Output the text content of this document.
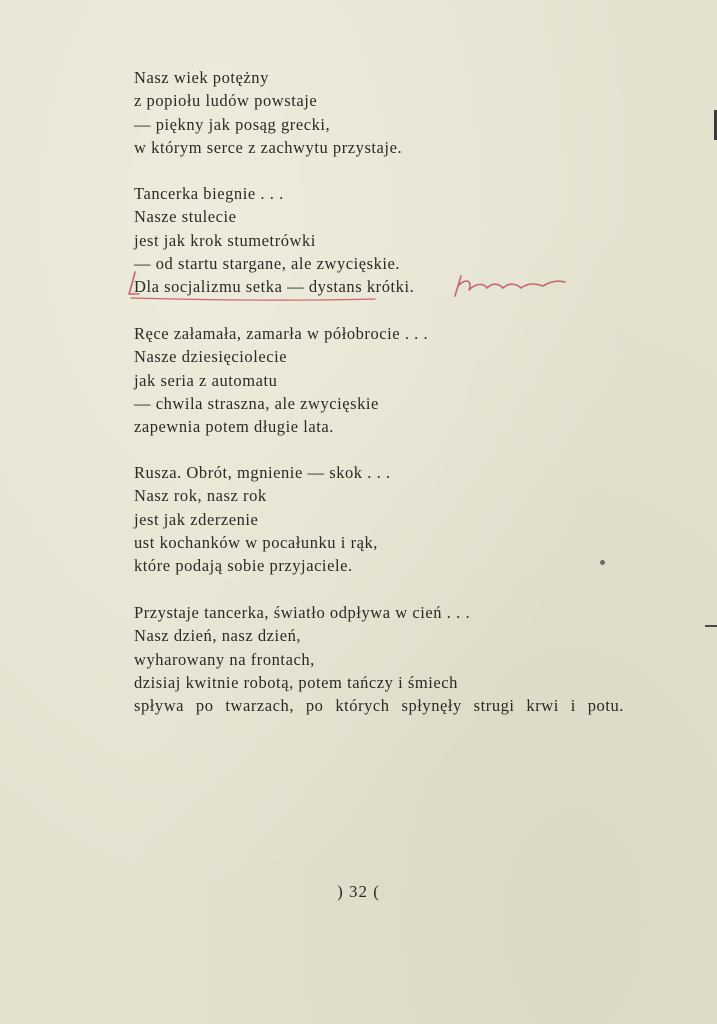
Nasz wiek potężny
z popiołu ludów powstaje
— piękny jak posąg grecki,
w którym serce z zachwytu przystaje.
Tancerka biegnie . . .
Nasze stulecie
jest jak krok stumetrówki
— od startu stargane, ale zwycięskie.
Dla socjalizmu setka — dystans krótki.
Ręce załamała, zamarła w półobrocie . . .
Nasze dziesięciolecie
jak seria z automatu
— chwila straszna, ale zwycięskie
zapewnia potem długie lata.
Rusza. Obrót, mgnienie — skok . . .
Nasz rok, nasz rok
jest jak zderzenie
ust kochanków w pocałunku i rąk,
które podają sobie przyjaciele.
Przystaje tancerka, światło odpływa w cień . . .
Nasz dzień, nasz dzień,
wyharowany na frontach,
dzisiaj kwitnie robotą, potem tańczy i śmiech
spływa po twarzach, po których spłynęły strugi krwi i potu.
) 32 (
